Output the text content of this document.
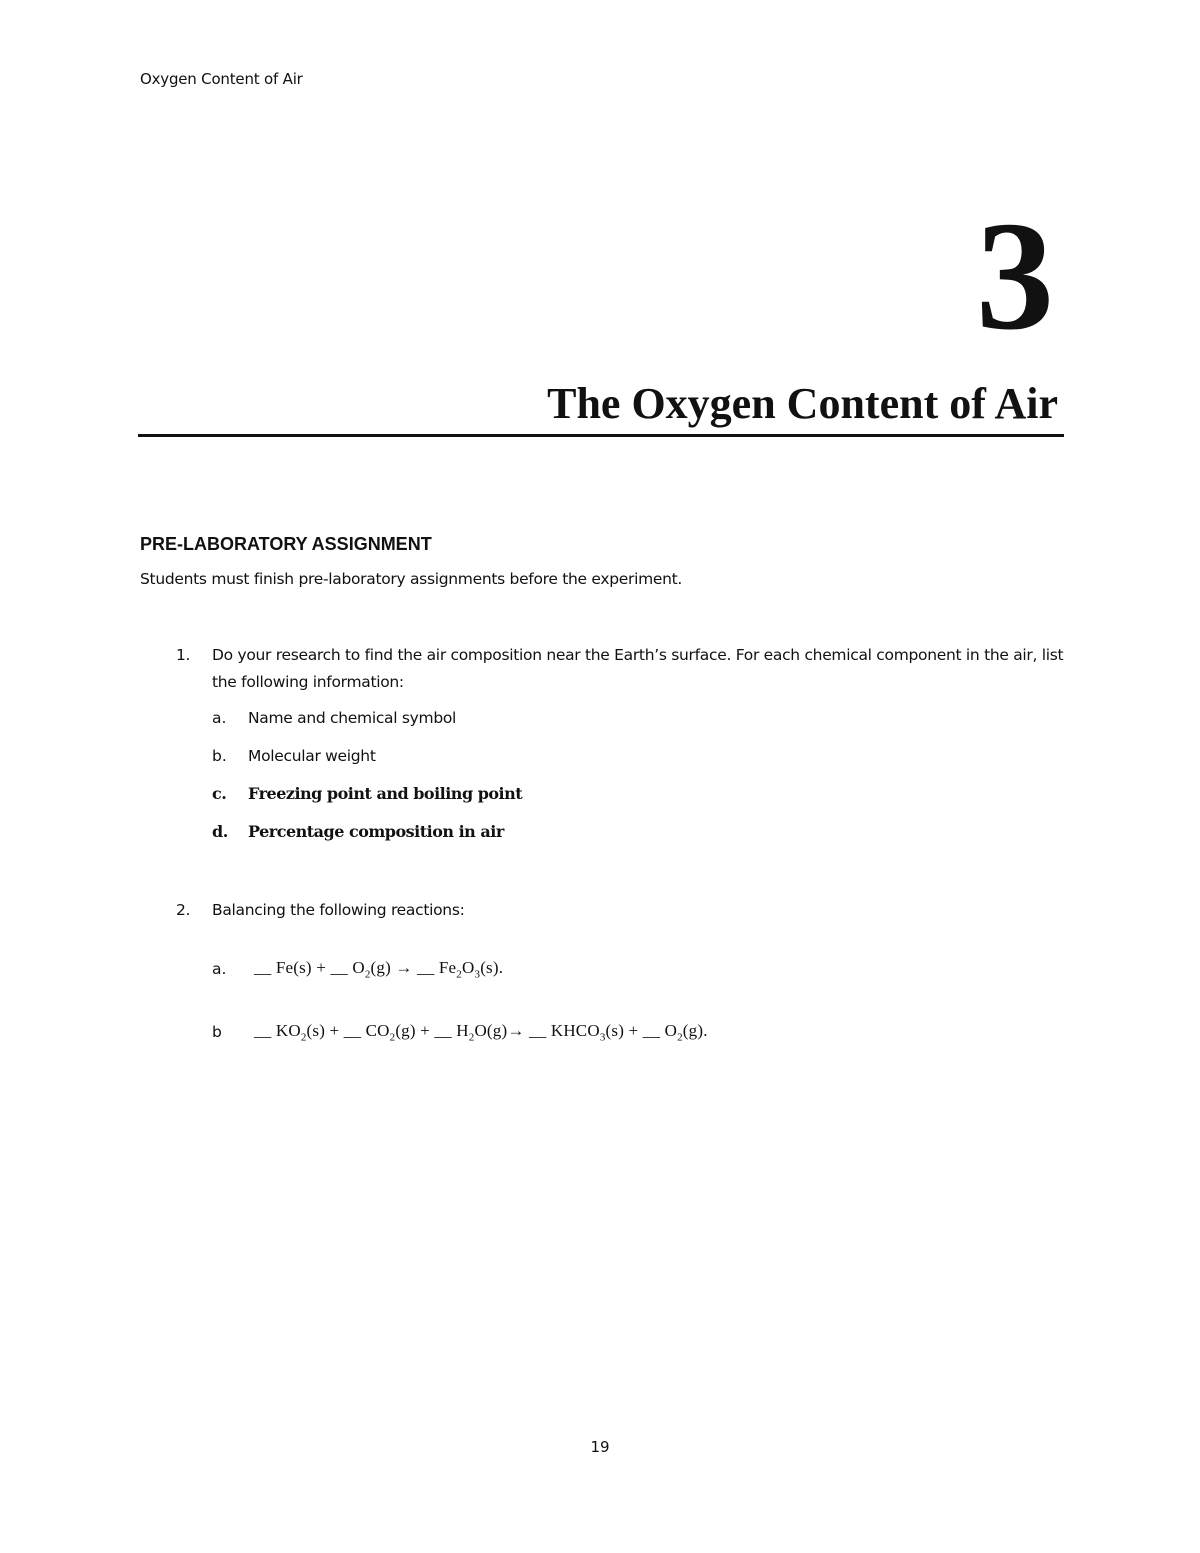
Oxygen Content of Air
3
The Oxygen Content of Air
PRE-LABORATORY ASSIGNMENT
Students must finish pre-laboratory assignments before the experiment.
1. Do your research to find the air composition near the Earth’s surface. For each chemical component in the air, list the following information:
a. Name and chemical symbol
b. Molecular weight
c. Freezing point and boiling point
d. Percentage composition in air
2. Balancing the following reactions:
a. __ Fe(s) + __ $O_2(g)$ → __ $Fe_2O_3(s)$.
b __ $KO_2(s)$ + __ $CO_2(g)$ + __ $H_2O(g)\to$ __ $KHCO_3(s)$ + __ $O_2(g)$.
19
